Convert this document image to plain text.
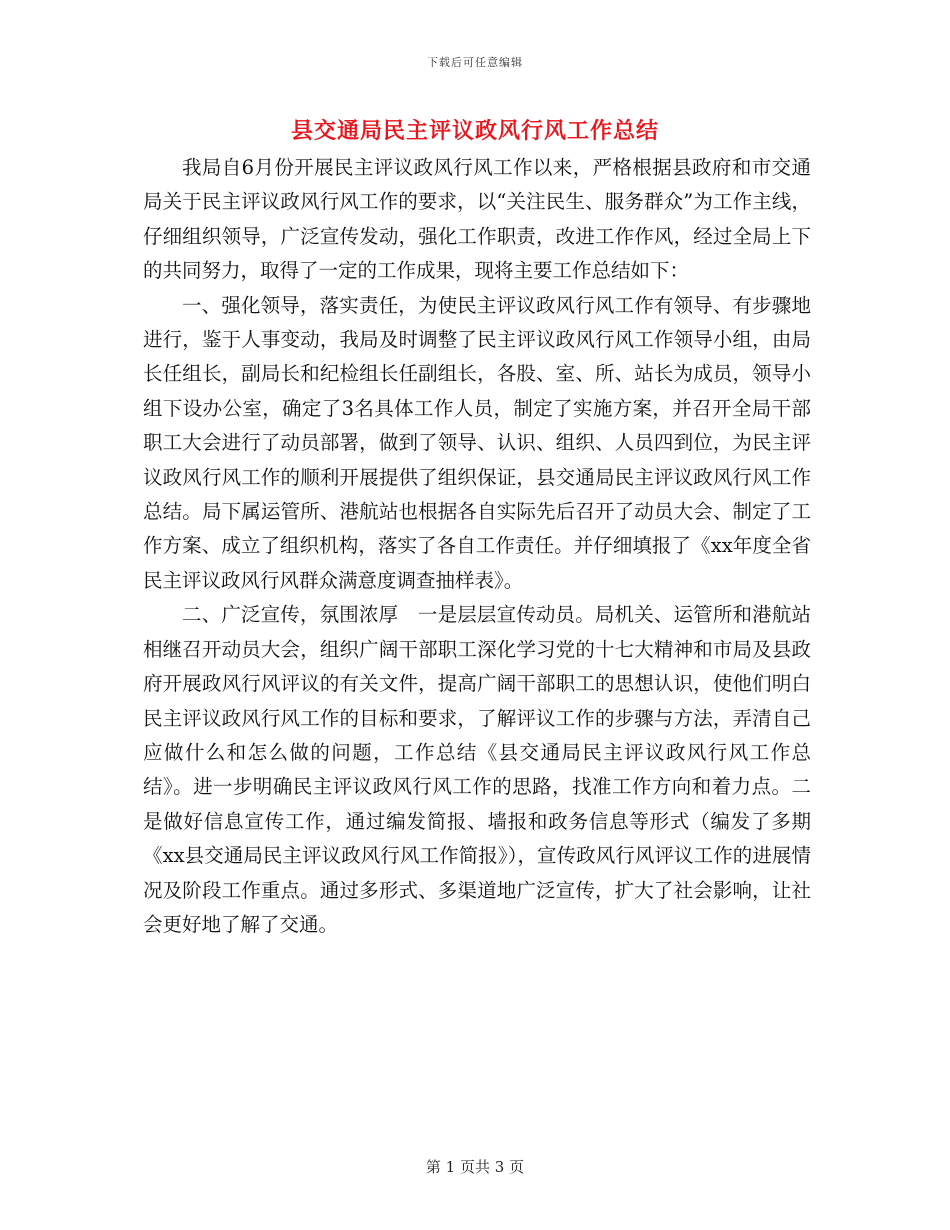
下载后可任意编辑
县交通局民主评议政风行风工作总结

我局自6月份开展民主评议政风行风工作以来，严格根据县政府和市交通局关于民主评议政风行风工作的要求，以“关注民生、服务群众”为工作主线，仔细组织领导，广泛宣传发动，强化工作职责，改进工作作风，经过全局上下的共同努力，取得了一定的工作成果，现将主要工作总结如下：

一、强化领导，落实责任，为使民主评议政风行风工作有领导、有步骤地进行，鉴于人事变动，我局及时调整了民主评议政风行风工作领导小组，由局长任组长，副局长和纪检组长任副组长，各股、室、所、站长为成员，领导小组下设办公室，确定了3名具体工作人员，制定了实施方案，并召开全局干部职工大会进行了动员部署，做到了领导、认识、组织、人员四到位，为民主评议政风行风工作的顺利开展提供了组织保证，县交通局民主评议政风行风工作总结。局下属运管所、港航站也根据各自实际先后召开了动员大会、制定了工作方案、成立了组织机构，落实了各自工作责任。并仔细填报了《xx年度全省民主评议政风行风群众满意度调查抽样表》。

二、广泛宣传，氛围浓厚　一是层层宣传动员。局机关、运管所和港航站相继召开动员大会，组织广阔干部职工深化学习党的十七大精神和市局及县政府开展政风行风评议的有关文件，提高广阔干部职工的思想认识，使他们明白民主评议政风行风工作的目标和要求，了解评议工作的步骤与方法，弄清自己应做什么和怎么做的问题，工作总结《县交通局民主评议政风行风工作总结》。进一步明确民主评议政风行风工作的思路，找准工作方向和着力点。二是做好信息宣传工作，通过编发简报、墙报和政务信息等形式（编发了多期《xx县交通局民主评议政风行风工作简报》），宣传政风行风评议工作的进展情况及阶段工作重点。通过多形式、多渠道地广泛宣传，扩大了社会影响，让社会更好地了解了交通。

第 1 页共 3 页
